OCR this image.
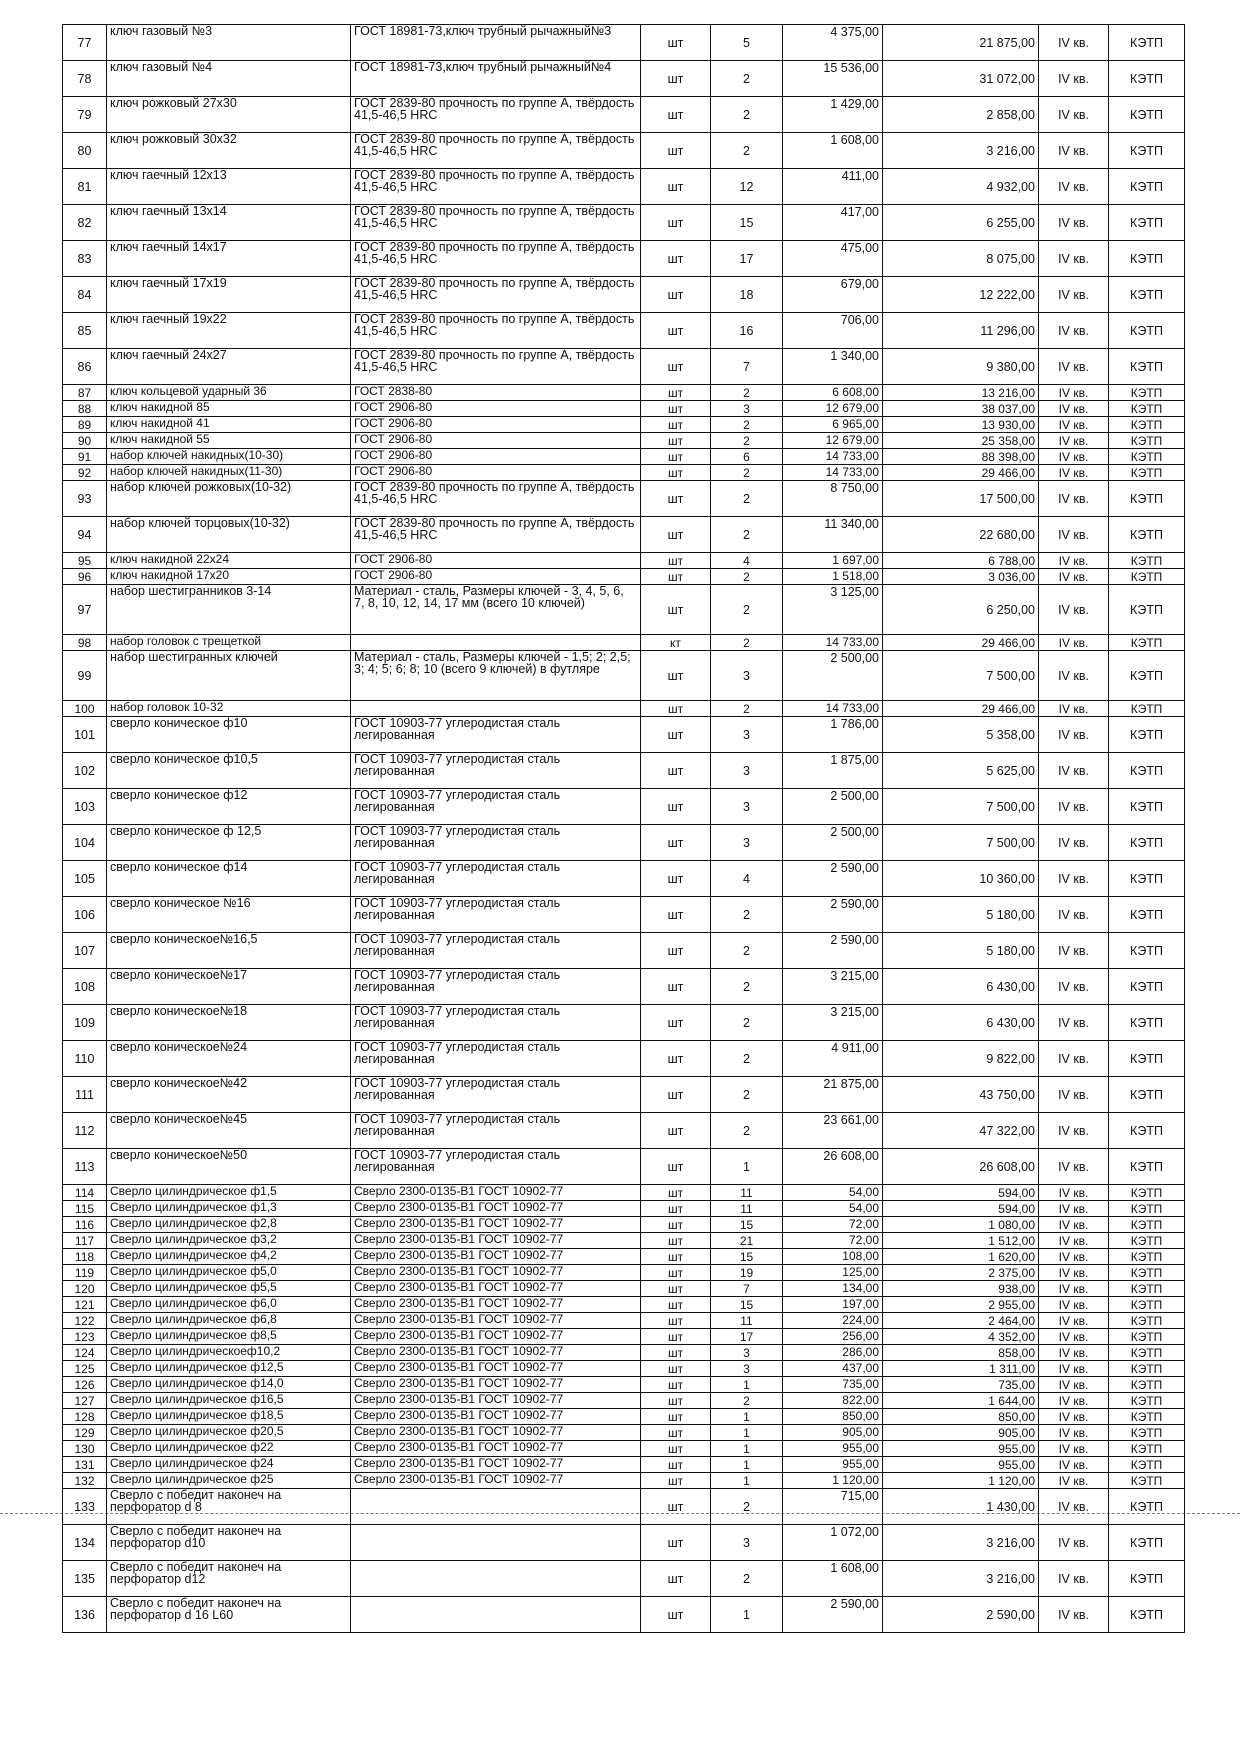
77	ключ газовый №3	ГОСТ 18981-73,ключ трубный рычажный№3	шт	5	4 375,00	21 875,00	IV кв.	КЭТП
78	ключ газовый №4	ГОСТ 18981-73,ключ трубный рычажный№4	шт	2	15 536,00	31 072,00	IV кв.	КЭТП
79	ключ рожковый 27х30	ГОСТ 2839-80 прочность по группе А, твёрдость 41,5-46,5 HRC	шт	2	1 429,00	2 858,00	IV кв.	КЭТП
80	ключ рожковый 30х32	ГОСТ 2839-80 прочность по группе А, твёрдость 41,5-46,5 HRC	шт	2	1 608,00	3 216,00	IV кв.	КЭТП
81	ключ гаечный 12х13	ГОСТ 2839-80 прочность по группе А, твёрдость 41,5-46,5 HRC	шт	12	411,00	4 932,00	IV кв.	КЭТП
82	ключ гаечный 13х14	ГОСТ 2839-80 прочность по группе А, твёрдость 41,5-46,5 HRC	шт	15	417,00	6 255,00	IV кв.	КЭТП
83	ключ гаечный 14х17	ГОСТ 2839-80 прочность по группе А, твёрдость 41,5-46,5 HRC	шт	17	475,00	8 075,00	IV кв.	КЭТП
84	ключ гаечный 17х19	ГОСТ 2839-80 прочность по группе А, твёрдость 41,5-46,5 HRC	шт	18	679,00	12 222,00	IV кв.	КЭТП
85	ключ гаечный 19х22	ГОСТ 2839-80 прочность по группе А, твёрдость 41,5-46,5 HRC	шт	16	706,00	11 296,00	IV кв.	КЭТП
86	ключ гаечный 24х27	ГОСТ 2839-80 прочность по группе А, твёрдость 41,5-46,5 HRC	шт	7	1 340,00	9 380,00	IV кв.	КЭТП
87	ключ кольцевой ударный 36	ГОСТ 2838-80	шт	2	6 608,00	13 216,00	IV кв.	КЭТП
88	ключ накидной 85	ГОСТ 2906-80	шт	3	12 679,00	38 037,00	IV кв.	КЭТП
89	ключ накидной 41	ГОСТ 2906-80	шт	2	6 965,00	13 930,00	IV кв.	КЭТП
90	ключ накидной 55	ГОСТ 2906-80	шт	2	12 679,00	25 358,00	IV кв.	КЭТП
91	набор ключей накидных(10-30)	ГОСТ 2906-80	шт	6	14 733,00	88 398,00	IV кв.	КЭТП
92	набор ключей накидных(11-30)	ГОСТ 2906-80	шт	2	14 733,00	29 466,00	IV кв.	КЭТП
93	набор ключей рожковых(10-32)	ГОСТ 2839-80 прочность по группе А, твёрдость 41,5-46,5 HRC	шт	2	8 750,00	17 500,00	IV кв.	КЭТП
94	набор ключей торцовых(10-32)	ГОСТ 2839-80 прочность по группе А, твёрдость 41,5-46,5 HRC	шт	2	11 340,00	22 680,00	IV кв.	КЭТП
95	ключ накидной 22х24	ГОСТ 2906-80	шт	4	1 697,00	6 788,00	IV кв.	КЭТП
96	ключ накидной 17х20	ГОСТ 2906-80	шт	2	1 518,00	3 036,00	IV кв.	КЭТП
97	набор шестигранников 3-14	Материал - сталь, Размеры ключей - 3, 4, 5, 6, 7, 8, 10, 12, 14, 17 мм (всего 10 ключей)	шт	2	3 125,00	6 250,00	IV кв.	КЭТП
98	набор головок с трещеткой		кт	2	14 733,00	29 466,00	IV кв.	КЭТП
99	набор шестигранных ключей	Материал - сталь, Размеры ключей - 1,5; 2; 2,5; 3; 4; 5; 6; 8; 10 (всего 9 ключей) в футляре	шт	3	2 500,00	7 500,00	IV кв.	КЭТП
100	набор головок 10-32		шт	2	14 733,00	29 466,00	IV кв.	КЭТП
101	сверло коническое ф10	ГОСТ 10903-77 углеродистая сталь легированная	шт	3	1 786,00	5 358,00	IV кв.	КЭТП
102	сверло коническое ф10,5	ГОСТ 10903-77 углеродистая сталь легированная	шт	3	1 875,00	5 625,00	IV кв.	КЭТП
103	сверло коническое ф12	ГОСТ 10903-77 углеродистая сталь легированная	шт	3	2 500,00	7 500,00	IV кв.	КЭТП
104	сверло коническое ф 12,5	ГОСТ 10903-77 углеродистая сталь легированная	шт	3	2 500,00	7 500,00	IV кв.	КЭТП
105	сверло коническое ф14	ГОСТ 10903-77 углеродистая сталь легированная	шт	4	2 590,00	10 360,00	IV кв.	КЭТП
106	сверло коническое №16	ГОСТ 10903-77 углеродистая сталь легированная	шт	2	2 590,00	5 180,00	IV кв.	КЭТП
107	сверло коническое№16,5	ГОСТ 10903-77 углеродистая сталь легированная	шт	2	2 590,00	5 180,00	IV кв.	КЭТП
108	сверло коническое№17	ГОСТ 10903-77 углеродистая сталь легированная	шт	2	3 215,00	6 430,00	IV кв.	КЭТП
109	сверло коническое№18	ГОСТ 10903-77 углеродистая сталь легированная	шт	2	3 215,00	6 430,00	IV кв.	КЭТП
110	сверло коническое№24	ГОСТ 10903-77 углеродистая сталь легированная	шт	2	4 911,00	9 822,00	IV кв.	КЭТП
111	сверло коническое№42	ГОСТ 10903-77 углеродистая сталь легированная	шт	2	21 875,00	43 750,00	IV кв.	КЭТП
112	сверло коническое№45	ГОСТ 10903-77 углеродистая сталь легированная	шт	2	23 661,00	47 322,00	IV кв.	КЭТП
113	сверло коническое№50	ГОСТ 10903-77 углеродистая сталь легированная	шт	1	26 608,00	26 608,00	IV кв.	КЭТП
114	Сверло цилиндрическое ф1,5	Сверло 2300-0135-В1 ГОСТ 10902-77	шт	11	54,00	594,00	IV кв.	КЭТП
115	Сверло цилиндрическое ф1,3	Сверло 2300-0135-В1 ГОСТ 10902-77	шт	11	54,00	594,00	IV кв.	КЭТП
116	Сверло цилиндрическое ф2,8	Сверло 2300-0135-В1 ГОСТ 10902-77	шт	15	72,00	1 080,00	IV кв.	КЭТП
117	Сверло цилиндрическое ф3,2	Сверло 2300-0135-В1 ГОСТ 10902-77	шт	21	72,00	1 512,00	IV кв.	КЭТП
118	Сверло цилиндрическое ф4,2	Сверло 2300-0135-В1 ГОСТ 10902-77	шт	15	108,00	1 620,00	IV кв.	КЭТП
119	Сверло цилиндрическое ф5,0	Сверло 2300-0135-В1 ГОСТ 10902-77	шт	19	125,00	2 375,00	IV кв.	КЭТП
120	Сверло цилиндрическое ф5,5	Сверло 2300-0135-В1 ГОСТ 10902-77	шт	7	134,00	938,00	IV кв.	КЭТП
121	Сверло цилиндрическое ф6,0	Сверло 2300-0135-В1 ГОСТ 10902-77	шт	15	197,00	2 955,00	IV кв.	КЭТП
122	Сверло цилиндрическое ф6,8	Сверло 2300-0135-В1 ГОСТ 10902-77	шт	11	224,00	2 464,00	IV кв.	КЭТП
123	Сверло цилиндрическое ф8,5	Сверло 2300-0135-В1 ГОСТ 10902-77	шт	17	256,00	4 352,00	IV кв.	КЭТП
124	Сверло цилиндрическоеф10,2	Сверло 2300-0135-В1 ГОСТ 10902-77	шт	3	286,00	858,00	IV кв.	КЭТП
125	Сверло цилиндрическое ф12,5	Сверло 2300-0135-В1 ГОСТ 10902-77	шт	3	437,00	1 311,00	IV кв.	КЭТП
126	Сверло цилиндрическое ф14,0	Сверло 2300-0135-В1 ГОСТ 10902-77	шт	1	735,00	735,00	IV кв.	КЭТП
127	Сверло цилиндрическое ф16,5	Сверло 2300-0135-В1 ГОСТ 10902-77	шт	2	822,00	1 644,00	IV кв.	КЭТП
128	Сверло цилиндрическое ф18,5	Сверло 2300-0135-В1 ГОСТ 10902-77	шт	1	850,00	850,00	IV кв.	КЭТП
129	Сверло цилиндрическое ф20,5	Сверло 2300-0135-В1 ГОСТ 10902-77	шт	1	905,00	905,00	IV кв.	КЭТП
130	Сверло цилиндрическое ф22	Сверло 2300-0135-В1 ГОСТ 10902-77	шт	1	955,00	955,00	IV кв.	КЭТП
131	Сверло цилиндрическое ф24	Сверло 2300-0135-В1 ГОСТ 10902-77	шт	1	955,00	955,00	IV кв.	КЭТП
132	Сверло цилиндрическое ф25	Сверло 2300-0135-В1 ГОСТ 10902-77	шт	1	1 120,00	1 120,00	IV кв.	КЭТП
133	Сверло с победит наконеч на перфоратор d 8		шт	2	715,00	1 430,00	IV кв.	КЭТП
134	Сверло с победит наконеч на перфоратор d10		шт	3	1 072,00	3 216,00	IV кв.	КЭТП
135	Сверло с победит наконеч на перфоратор d12		шт	2	1 608,00	3 216,00	IV кв.	КЭТП
136	Сверло с победит наконеч на перфоратор d 16 L60		шт	1	2 590,00	2 590,00	IV кв.	КЭТП
